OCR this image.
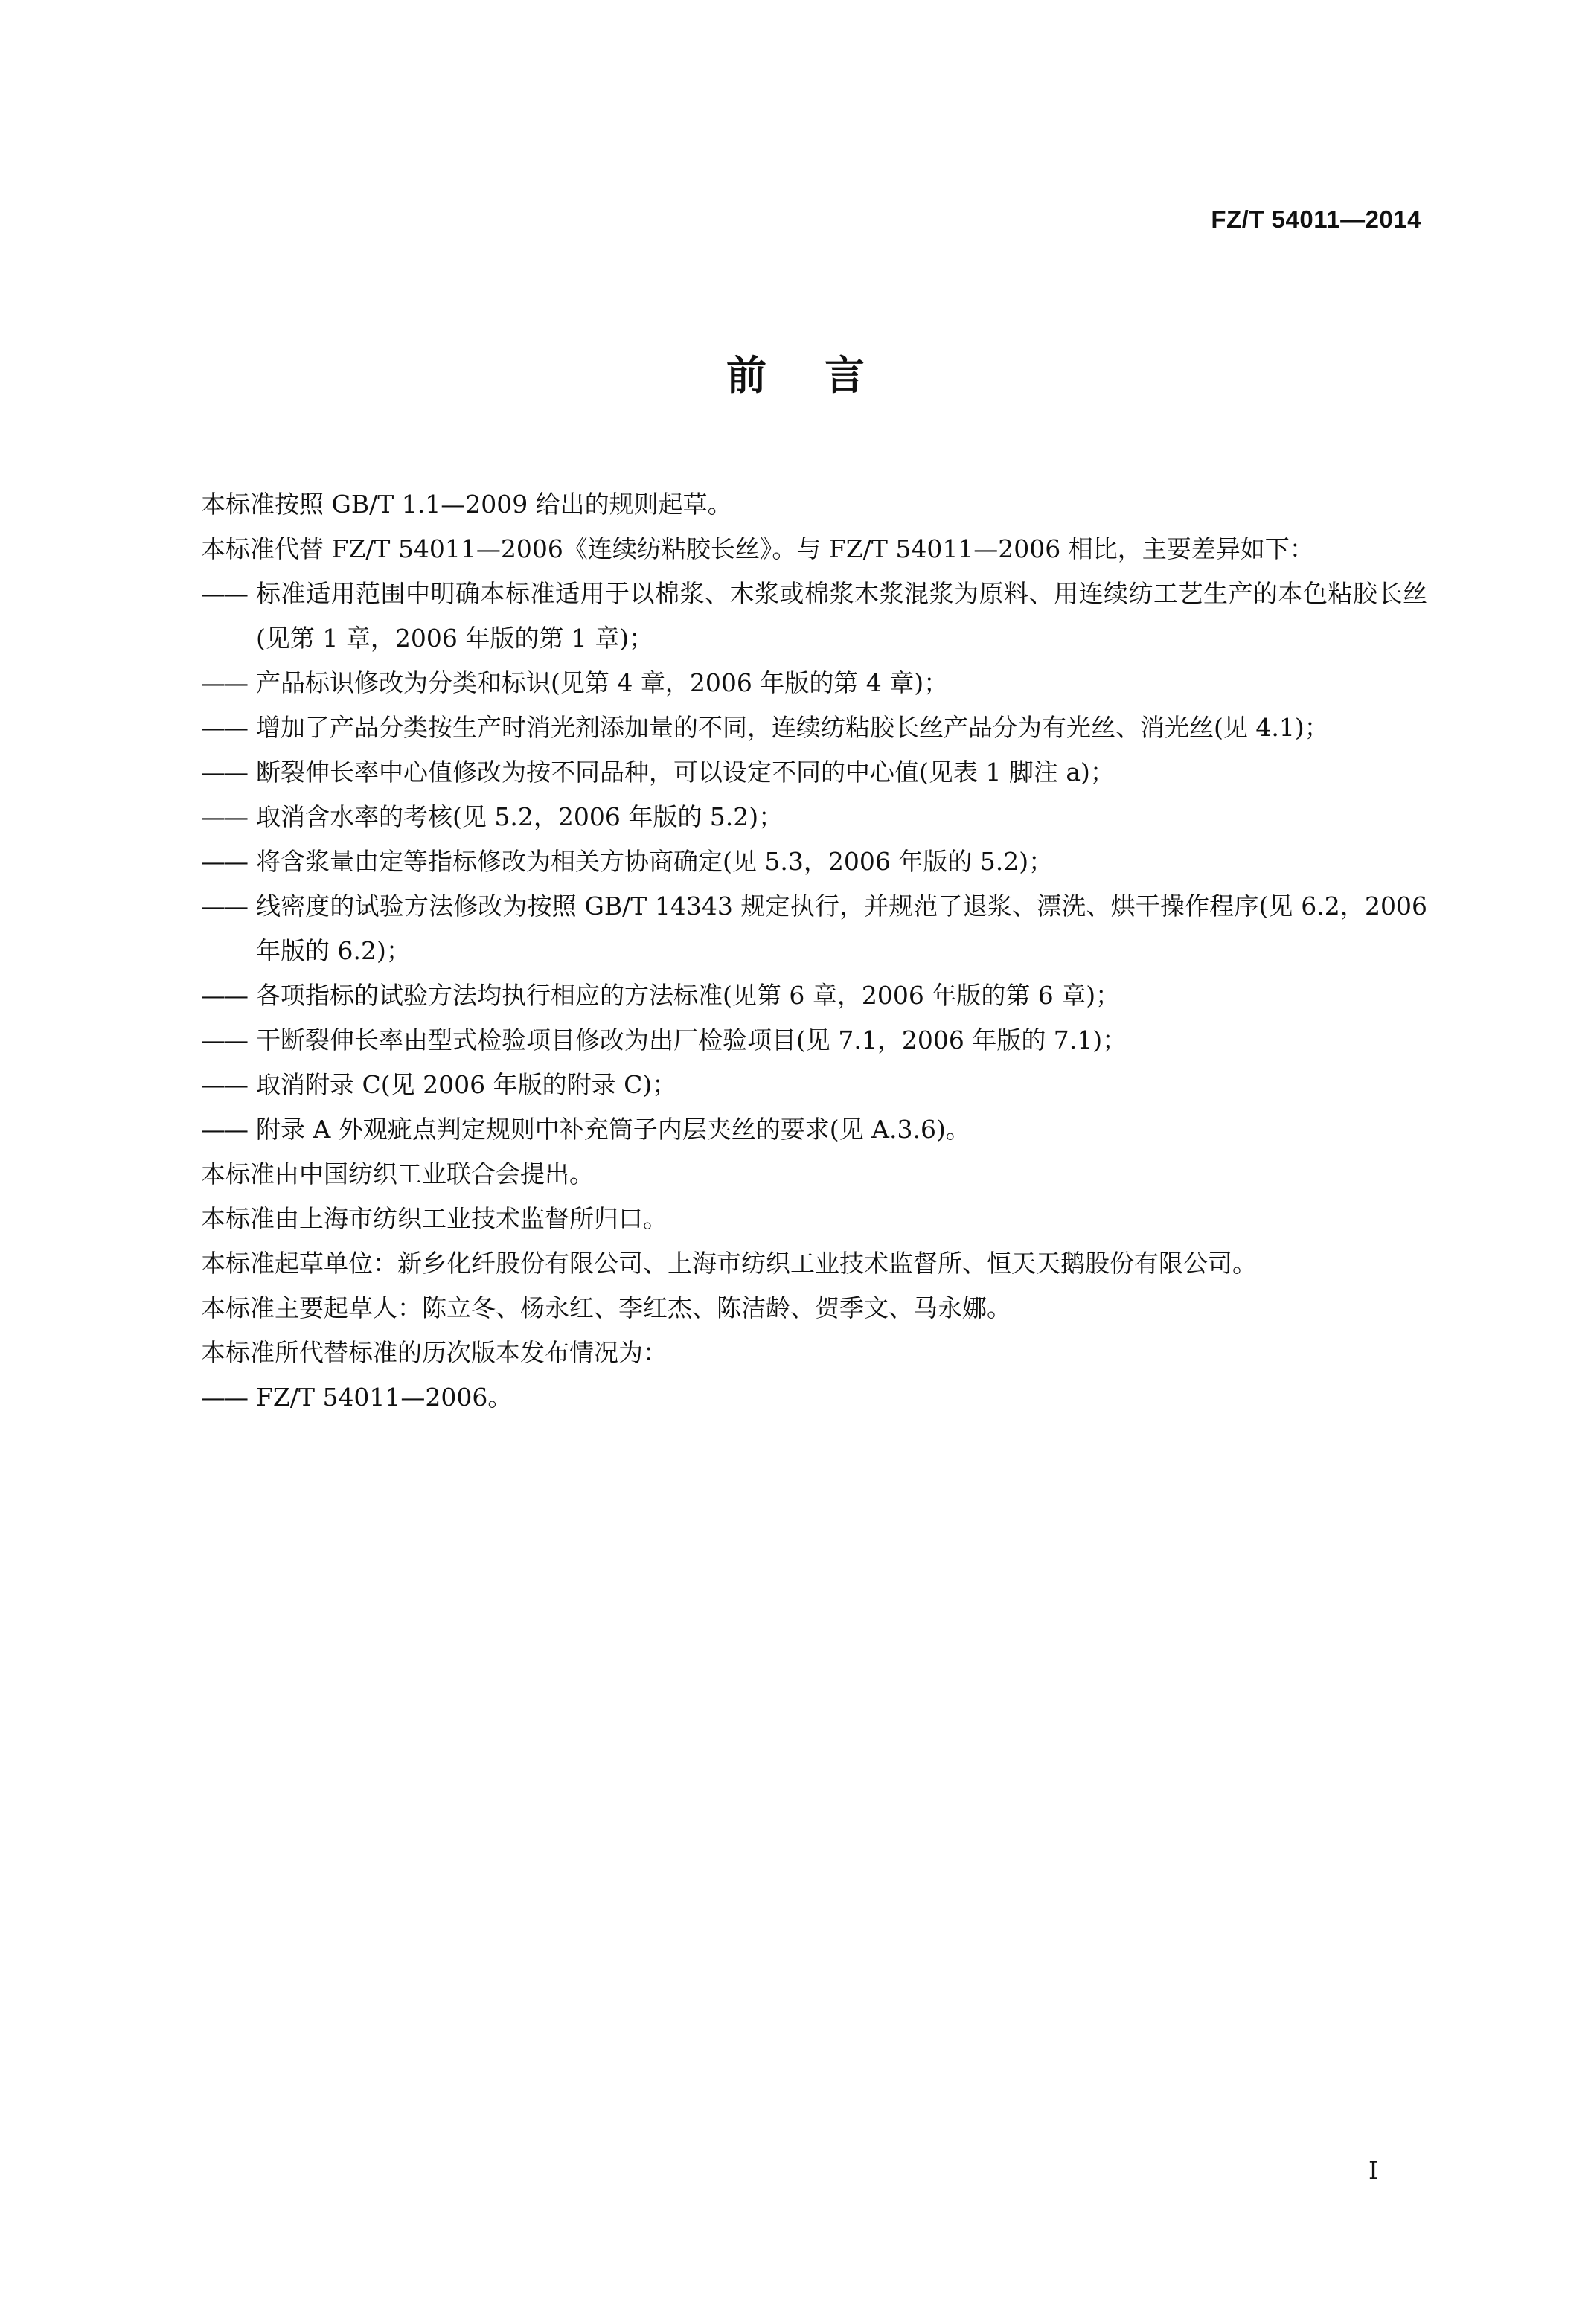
FZ/T 54011—2014
前言

本标准按照 GB/T 1.1—2009 给出的规则起草。

本标准代替 FZ/T 54011—2006《连续纺粘胶长丝》。与 FZ/T 54011—2006 相比，主要差异如下：

—— 标准适用范围中明确本标准适用于以棉浆、木浆或棉浆木浆混浆为原料、用连续纺工艺生产的本色粘胶长丝(见第 1 章，2006 年版的第 1 章)；
—— 产品标识修改为分类和标识(见第 4 章，2006 年版的第 4 章)；
—— 增加了产品分类按生产时消光剂添加量的不同，连续纺粘胶长丝产品分为有光丝、消光丝(见 4.1)；
—— 断裂伸长率中心值修改为按不同品种，可以设定不同的中心值(见表 1 脚注 a)；
—— 取消含水率的考核(见 5.2，2006 年版的 5.2)；
—— 将含浆量由定等指标修改为相关方协商确定(见 5.3，2006 年版的 5.2)；
—— 线密度的试验方法修改为按照 GB/T 14343 规定执行，并规范了退浆、漂洗、烘干操作程序(见 6.2，2006 年版的 6.2)；
—— 各项指标的试验方法均执行相应的方法标准(见第 6 章，2006 年版的第 6 章)；
—— 干断裂伸长率由型式检验项目修改为出厂检验项目(见 7.1，2006 年版的 7.1)；
—— 取消附录 C(见 2006 年版的附录 C)；
—— 附录 A 外观疵点判定规则中补充筒子内层夹丝的要求(见 A.3.6)。

本标准由中国纺织工业联合会提出。

本标准由上海市纺织工业技术监督所归口。

本标准起草单位：新乡化纤股份有限公司、上海市纺织工业技术监督所、恒天天鹅股份有限公司。

本标准主要起草人：陈立冬、杨永红、李红杰、陈洁龄、贺季文、马永娜。

本标准所代替标准的历次版本发布情况为：

—— FZ/T 54011—2006。
I
